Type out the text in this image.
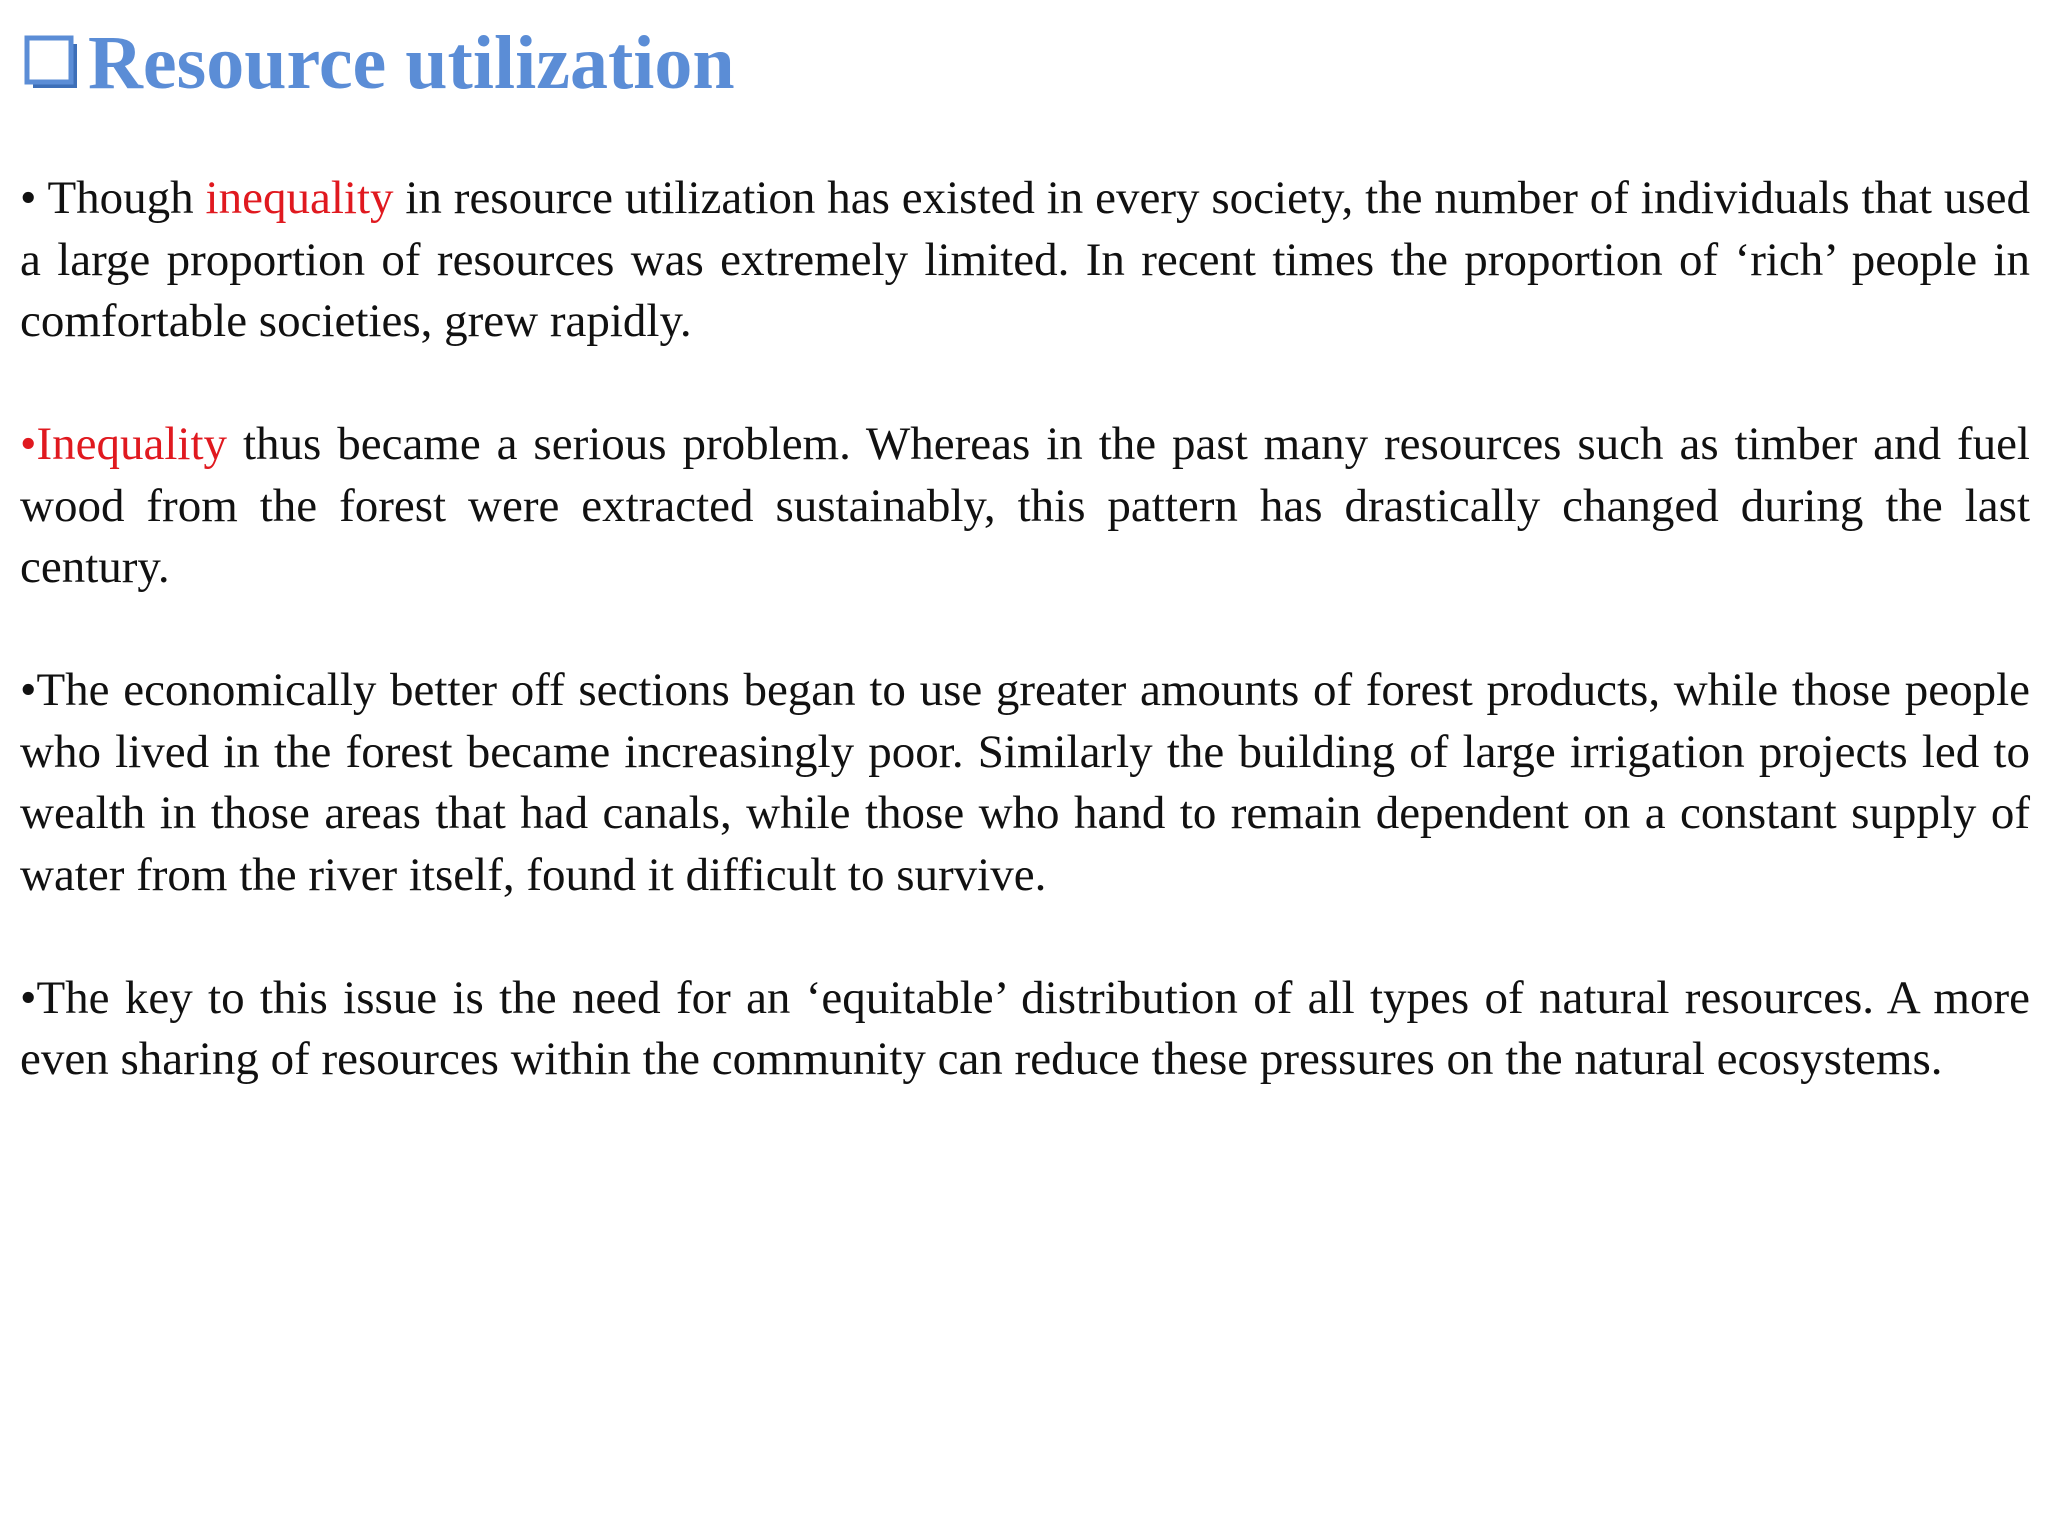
Resource utilization

• Though inequality in resource utilization has existed in every society, the number of individuals that used a large proportion of resources was extremely limited. In recent times the proportion of ‘rich’ people in comfortable societies, grew rapidly.

•Inequality thus became a serious problem. Whereas in the past many resources such as timber and fuel wood from the forest were extracted sustainably, this pattern has drastically changed during the last century.

•The economically better off sections began to use greater amounts of forest products, while those people who lived in the forest became increasingly poor. Similarly the building of large irrigation projects led to wealth in those areas that had canals, while those who hand to remain dependent on a constant supply of water from the river itself, found it difficult to survive.

•The key to this issue is the need for an ‘equitable’ distribution of all types of natural resources. A more even sharing of resources within the community can reduce these pressures on the natural ecosystems.
